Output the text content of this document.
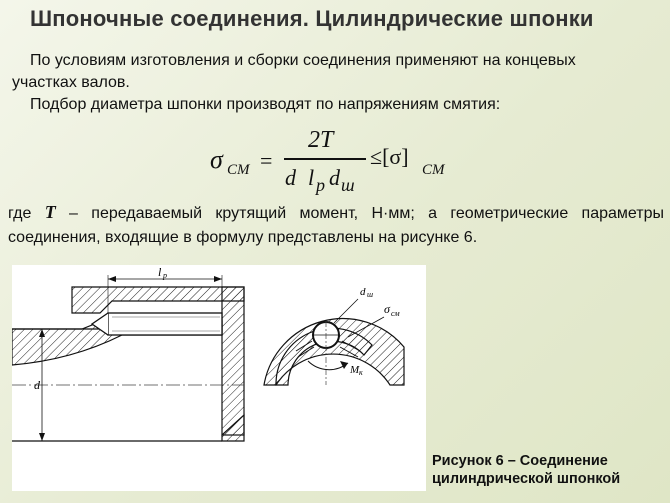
Шпоночные соединения. Цилиндрические шпонки
По условиям изготовления и сборки соединения применяют на концевых
участках валов.
Подбор диаметра шпонки производят по напряжениям смятия:
σ СМ =
2T
d l p d ш
≤[σ]
СМ
где T – передаваемый крутящий момент, Н·мм; а геометрические параметры соединения, входящие в формулу представлены на рисунке 6.
d
l p
d ш
σ см
M к
Рисунок 6 – Соединение
цилиндрической шпонкой
